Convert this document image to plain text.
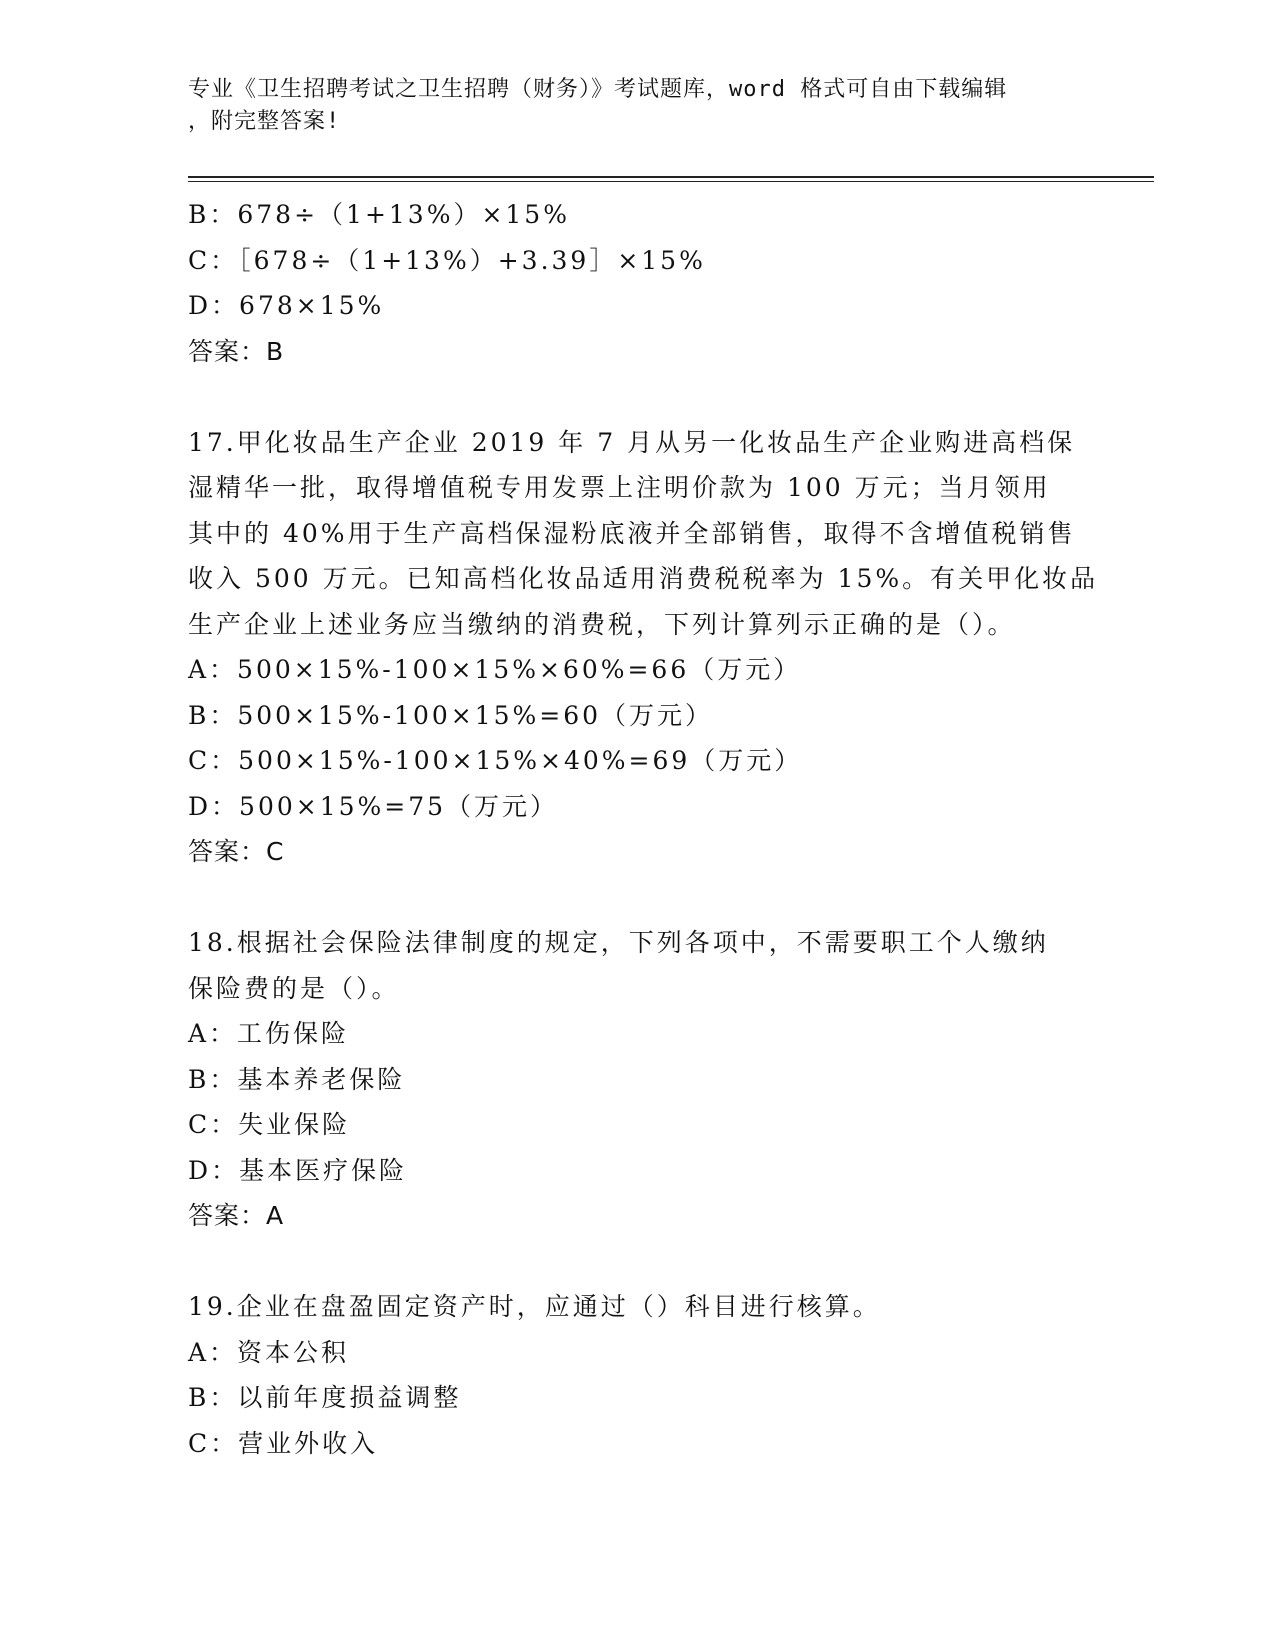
专业《卫生招聘考试之卫生招聘（财务）》考试题库，word 格式可自由下载编辑
，附完整答案!
B：678÷（1+13%）×15%
C：［678÷（1+13%）+3.39］×15%
D：678×15%
答案：B
17.甲化妆品生产企业 2019 年 7 月从另一化妆品生产企业购进高档保
湿精华一批，取得增值税专用发票上注明价款为 100 万元；当月领用
其中的 40%用于生产高档保湿粉底液并全部销售，取得不含增值税销售
收入 500 万元。已知高档化妆品适用消费税税率为 15%。有关甲化妆品
生产企业上述业务应当缴纳的消费税，下列计算列示正确的是（）。
A：500×15%-100×15%×60%=66（万元）
B：500×15%-100×15%=60（万元）
C：500×15%-100×15%×40%=69（万元）
D：500×15%=75（万元）
答案：C
18.根据社会保险法律制度的规定，下列各项中，不需要职工个人缴纳
保险费的是（）。
A：工伤保险
B：基本养老保险
C：失业保险
D：基本医疗保险
答案：A
19.企业在盘盈固定资产时，应通过（）科目进行核算。
A：资本公积
B：以前年度损益调整
C：营业外收入
